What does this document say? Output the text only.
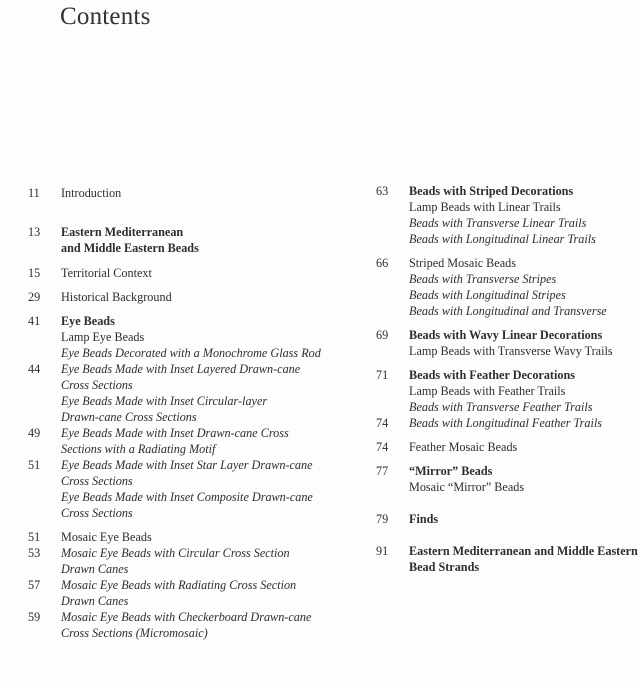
Contents
11	Introduction
13	Eastern Mediterranean
and Middle Eastern Beads
15	Territorial Context
29	Historical Background
41	Eye Beads
Lamp Eye Beads
Eye Beads Decorated with a Monochrome Glass Rod
44	Eye Beads Made with Inset Layered Drawn-cane
Cross Sections
Eye Beads Made with Inset Circular-layer
Drawn-cane Cross Sections
49	Eye Beads Made with Inset Drawn-cane Cross
Sections with a Radiating Motif
51	Eye Beads Made with Inset Star Layer Drawn-cane
Cross Sections
Eye Beads Made with Inset Composite Drawn-cane
Cross Sections
51	Mosaic Eye Beads
53	Mosaic Eye Beads with Circular Cross Section
Drawn Canes
57	Mosaic Eye Beads with Radiating Cross Section
Drawn Canes
59	Mosaic Eye Beads with Checkerboard Drawn-cane
Cross Sections (Micromosaic)
63	Beads with Striped Decorations
Lamp Beads with Linear Trails
Beads with Transverse Linear Trails
Beads with Longitudinal Linear Trails
66	Striped Mosaic Beads
Beads with Transverse Stripes
Beads with Longitudinal Stripes
Beads with Longitudinal and Transverse
69	Beads with Wavy Linear Decorations
Lamp Beads with Transverse Wavy Trails
71	Beads with Feather Decorations
Lamp Beads with Feather Trails
Beads with Transverse Feather Trails
74	Beads with Longitudinal Feather Trails
74	Feather Mosaic Beads
77	“Mirror” Beads
Mosaic “Mirror” Beads
79	Finds
91	Eastern Mediterranean and Middle Eastern
Bead Strands
